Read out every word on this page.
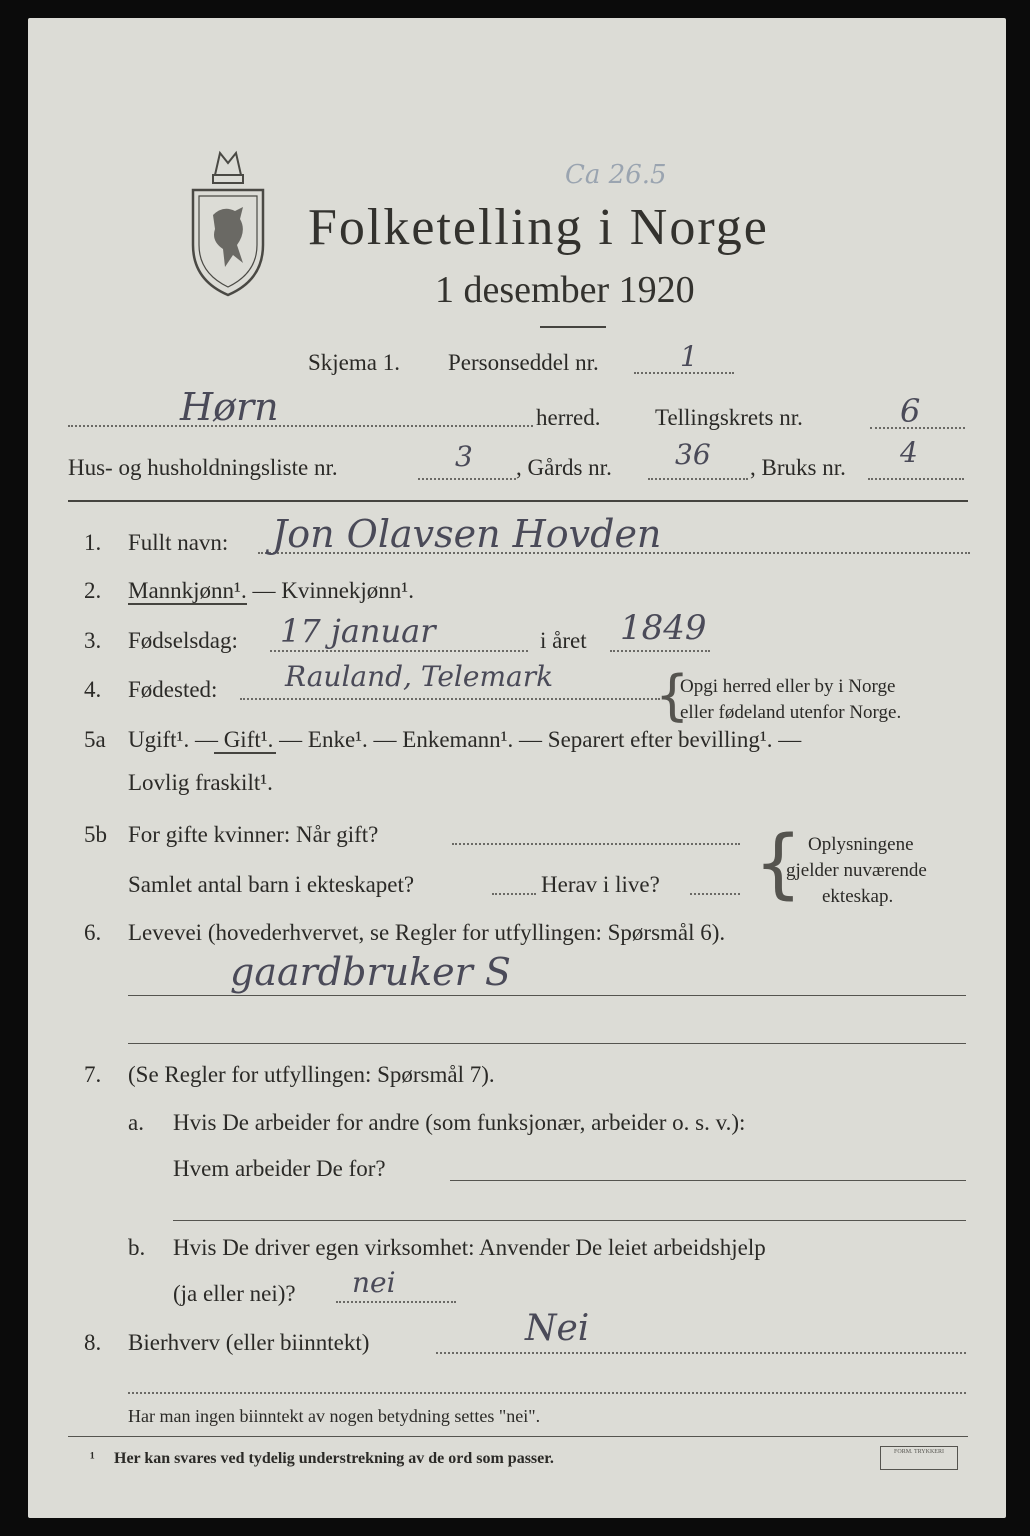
Folketelling i Norge
1 desember 1920
Ca 26.5
Skjema 1. Personseddel nr.	1
Hørn	herred. Tellingskrets nr.	6
Hus- og husholdningsliste nr.	3 , Gårds nr. 36 , Bruks nr. 4
1. Fullt navn: Jon Olavsen Hovden
2. Mannkjønn¹. — Kvinnekjønn¹.
3. Fødselsdag: 17 januar	i året 1849
4. Fødested: Rauland, Telemark {
Opgi herred eller by i Norge
eller fødeland utenfor Norge.
5a Ugift¹. — Gift¹. — Enke¹. — Enkemann¹. — Separert efter bevilling¹. —
Lovlig fraskilt¹.
5b For gifte kvinner: Når gift?
Samlet antal barn i ekteskapet?	Herav i live? { Oplysningene
gjelder nuværende
ekteskap.
6. Levevei (hovederhvervet, se Regler for utfyllingen: Spørsmål 6).
gaardbruker S
7. (Se Regler for utfyllingen: Spørsmål 7).
a. Hvis De arbeider for andre (som funksjonær, arbeider o. s. v.):
Hvem arbeider De for?
b. Hvis De driver egen virksomhet: Anvender De leiet arbeidshjelp
(ja eller nei)? nei
8. Bierhverv (eller biinntekt)	Nei
Har man ingen biinntekt av nogen betydning settes "nei".
¹ Her kan svares ved tydelig understrekning av de ord som passer.	FORM. TRYKKERI
